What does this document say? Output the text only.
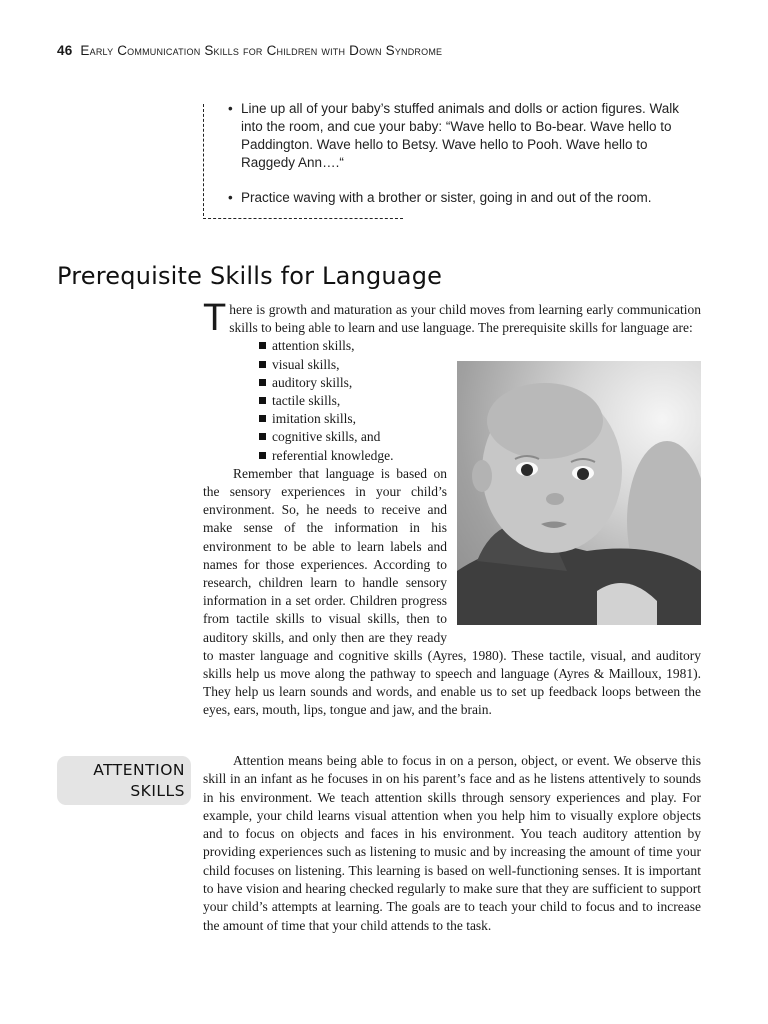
46 Early Communication Skills for Children with Down Syndrome
• Line up all of your baby’s stuffed animals and dolls or action figures. Walk into the room, and cue your baby: “Wave hello to Bo-bear. Wave hello to Paddington. Wave hello to Betsy. Wave hello to Pooh. Wave hello to Raggedy Ann….“
• Practice waving with a brother or sister, going in and out of the room.
Prerequisite Skills for Language

There is growth and maturation as your child moves from learning early communication skills to being able to learn and use language. The prerequisite skills for language are:

attention skills,
visual skills,
auditory skills,
tactile skills,
imitation skills,
cognitive skills, and
referential knowledge.

Remember that language is based on the sensory experiences in your child’s environment. So, he needs to receive and make sense of the information in his environment to be able to learn labels and names for those experiences. According to research, children learn to handle sensory information in a set order. Children progress from tactile skills to visual skills, then to auditory skills, and only then are they ready to master language and cognitive skills (Ayres, 1980). These tactile, visual, and auditory skills help us move along the pathway to speech and language (Ayres & Mailloux, 1981). They help us learn sounds and words, and enable us to set up feedback loops between the eyes, ears, mouth, lips, tongue and jaw, and the brain.

ATTENTION
SKILLS

Attention means being able to focus in on a person, object, or event. We observe this skill in an infant as he focuses in on his parent’s face and as he listens attentively to sounds in his environment. We teach attention skills through sensory experiences and play. For example, your child learns visual attention when you help him to visually explore objects and to focus on objects and faces in his environment. You teach auditory attention by providing experiences such as listening to music and by increasing the amount of time your child focuses on listening. This learning is based on well-functioning senses. It is important to have vision and hearing checked regularly to make sure that they are sufficient to support your child’s attempts at learning. The goals are to teach your child to focus and to increase the amount of time that your child attends to the task.
